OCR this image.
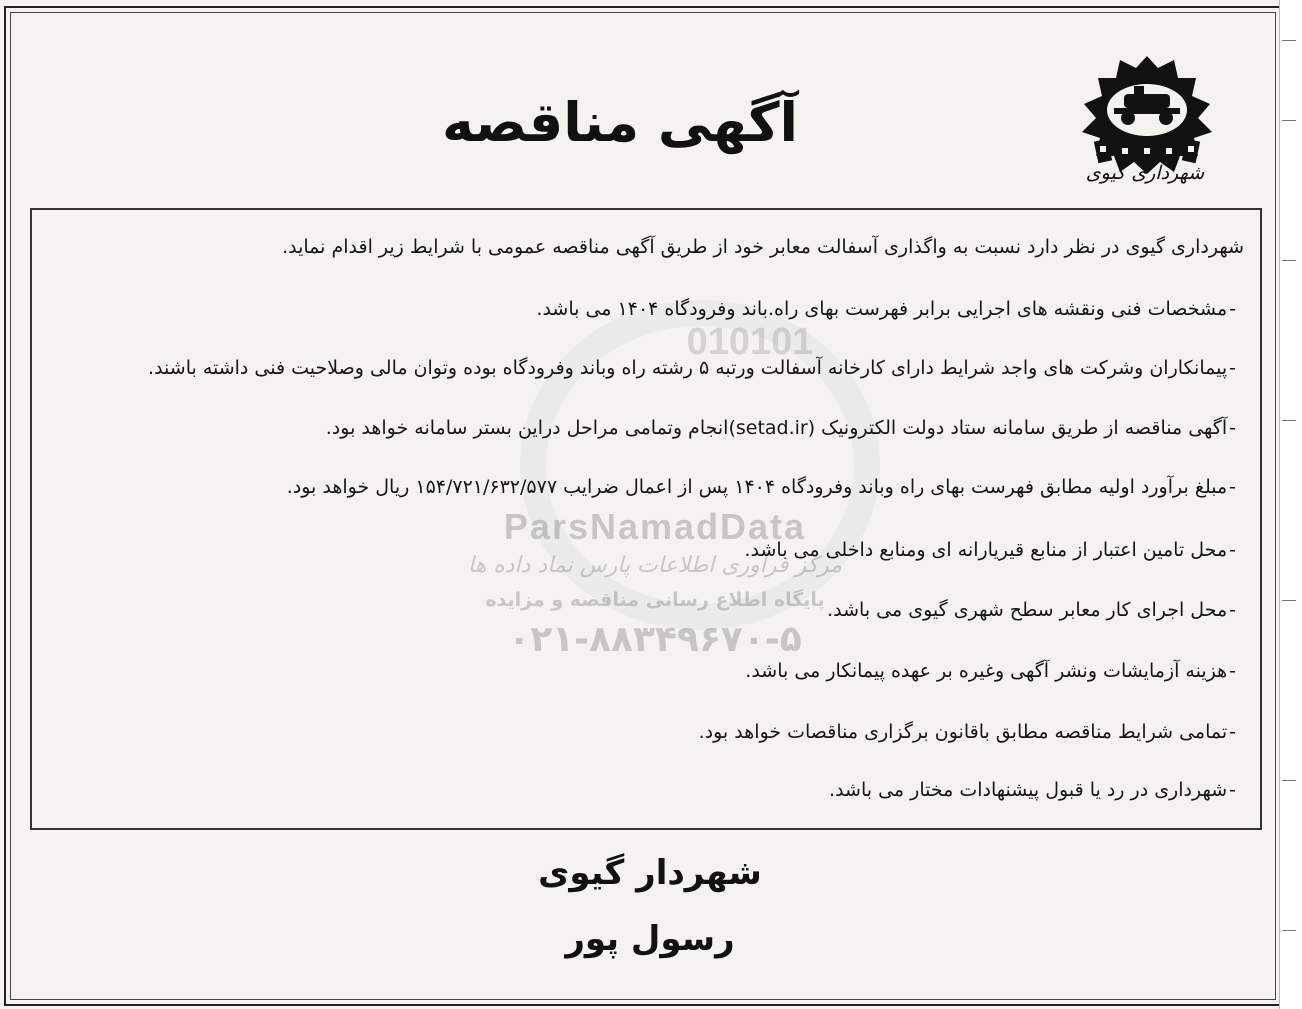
010101
ParsNamadData
مرکز فرآوری اطلاعات پارس نماد داده ها
پایگاه اطلاع رسانی مناقصه و مزایده
۰۲۱-۸۸۳۴۹۶۷۰-۵
آگهی مناقصه
شهرداری گیوی
شهرداری گیوی در نظر دارد نسبت به واگذاری آسفالت معابر خود از طریق آگهی مناقصه عمومی با شرایط زیر اقدام نماید.
-مشخصات فنی ونقشه های اجرایی برابر فهرست بهای راه.باند وفرودگاه ۱۴۰۴ می باشد.
-پیمانکاران وشرکت های واجد شرایط دارای کارخانه آسفالت ورتبه ۵ رشته راه وباند وفرودگاه بوده وتوان مالی وصلاحیت فنی داشته باشند.
-آگهی مناقصه از طریق سامانه ستاد دولت الکترونیک (setad.ir)انجام وتمامی مراحل دراین بستر سامانه خواهد بود.
-مبلغ برآورد اولیه مطابق فهرست بهای راه وباند وفرودگاه ۱۴۰۴ پس از اعمال ضرایب ۱۵۴/۷۲۱/۶۳۲/۵۷۷ ریال خواهد بود.
-محل تامین اعتبار از منابع قیریارانه ای ومنابع داخلی می باشد.
-محل اجرای کار معابر سطح شهری گیوی می باشد.
-هزینه آزمایشات ونشر آگهی وغیره بر عهده پیمانکار می باشد.
-تمامی شرایط مناقصه مطابق باقانون برگزاری مناقصات خواهد بود.
-شهرداری در رد یا قبول پیشنهادات مختار می باشد.
شهردار گیوی
رسول پور
